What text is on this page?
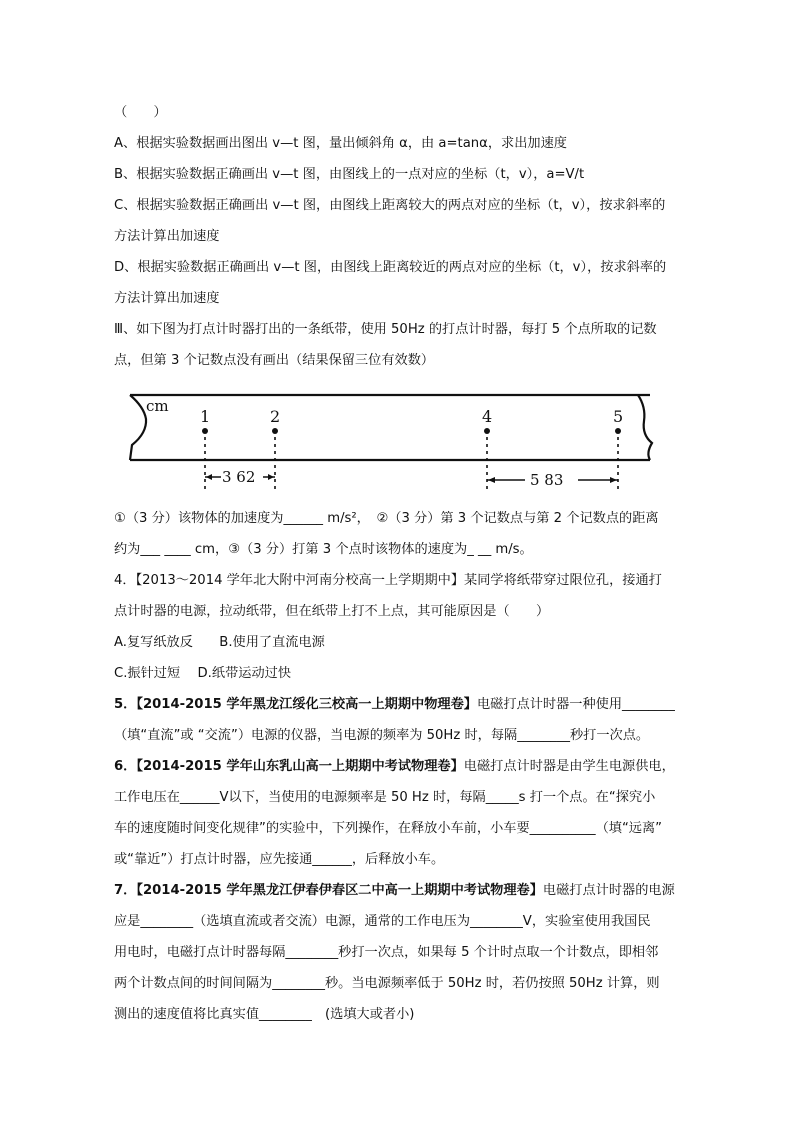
（　　）
A、根据实验数据画出图出 v—t 图，量出倾斜角 α，由 a=tanα，求出加速度
B、根据实验数据正确画出 v—t 图，由图线上的一点对应的坐标（t，v），a=V/t
C、根据实验数据正确画出 v—t 图，由图线上距离较大的两点对应的坐标（t，v），按求斜率的
方法计算出加速度
D、根据实验数据正确画出 v—t 图，由图线上距离较近的两点对应的坐标（t，v），按求斜率的
方法计算出加速度
Ⅲ、如下图为打点计时器打出的一条纸带，使用 50Hz 的打点计时器，每打 5 个点所取的记数
点，但第 3 个记数点没有画出（结果保留三位有效数）
cm
1	2	4	5
3 62	5 83
①（3 分）该物体的加速度为______ m/s²，　②（3 分）第 3 个记数点与第 2 个记数点的距离
约为___ ____ cm，③（3 分）打第 3 个点时该物体的速度为_ __ m/s。
4．【2013～2014 学年北大附中河南分校高一上学期期中】某同学将纸带穿过限位孔，接通打
点计时器的电源，拉动纸带，但在纸带上打不上点，其可能原因是（　　）
A.复写纸放反　　B.使用了直流电源
C.振针过短　 D.纸带运动过快
5．【2014-2015 学年黑龙江绥化三校高一上期期中物理卷】电磁打点计时器一种使用________
（填“直流”或 “交流”）电源的仪器，当电源的频率为 50Hz 时，每隔________秒打一次点。
6．【2014-2015 学年山东乳山高一上期期中考试物理卷】电磁打点计时器是由学生电源供电，
工作电压在______V以下，当使用的电源频率是 50 Hz 时，每隔_____s 打一个点。在“探究小
车的速度随时间变化规律”的实验中，下列操作，在释放小车前，小车要__________（填“远离”
或“靠近”）打点计时器，应先接通______，后释放小车。
7．【2014-2015 学年黑龙江伊春伊春区二中高一上期期中考试物理卷】电磁打点计时器的电源
应是________（选填直流或者交流）电源，通常的工作电压为________V，实验室使用我国民
用电时，电磁打点计时器每隔________秒打一次点，如果每 5 个计时点取一个计数点，即相邻
两个计数点间的时间间隔为________秒。当电源频率低于 50Hz 时，若仍按照 50Hz 计算，则
测出的速度值将比真实值________　(选填大或者小)
